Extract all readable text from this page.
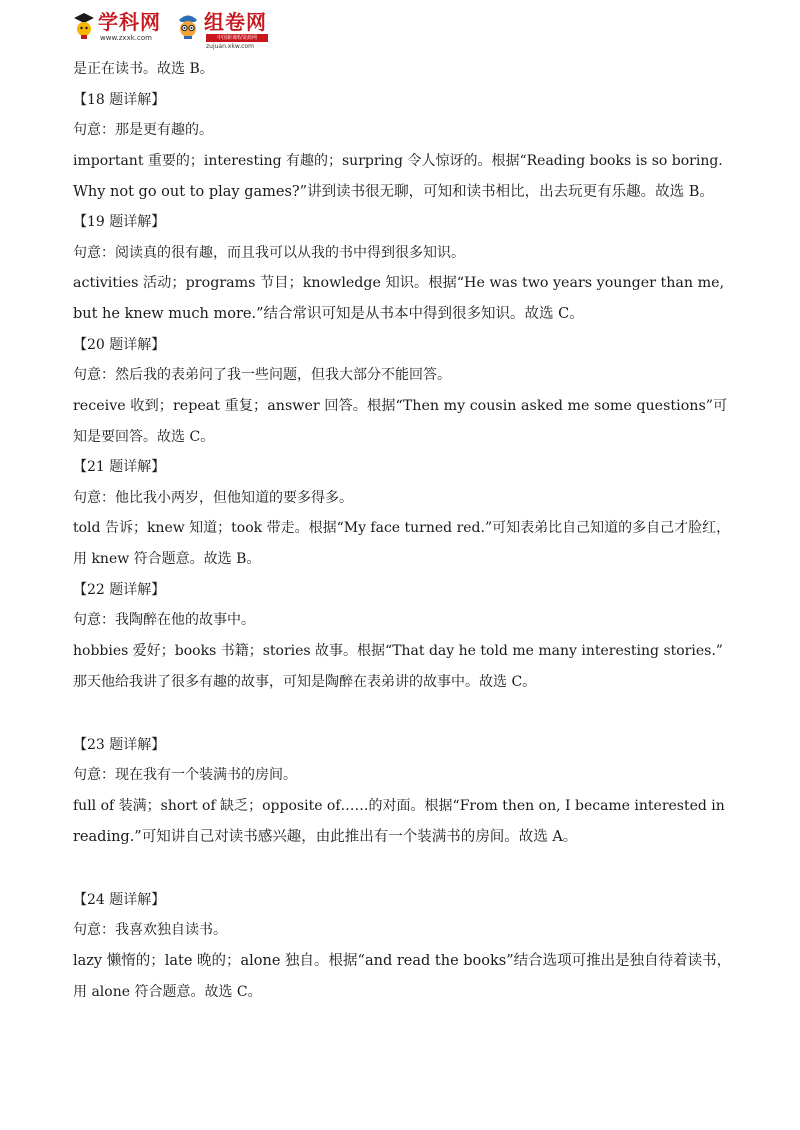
学科网
www.zxxk.com
组卷网
中国新课程资源网
zujuan.xkw.com
是正在读书。故选 B。
【18 题详解】
句意：那是更有趣的。
important 重要的；interesting 有趣的；surpring 令人惊讶的。根据“Reading books is so boring.
Why not go out to play games?”讲到读书很无聊，可知和读书相比，出去玩更有乐趣。故选 B。
【19 题详解】
句意：阅读真的很有趣，而且我可以从我的书中得到很多知识。
activities 活动；programs 节目；knowledge 知识。根据“He was two years younger than me,
but he knew much more.”结合常识可知是从书本中得到很多知识。故选 C。
【20 题详解】
句意：然后我的表弟问了我一些问题，但我大部分不能回答。
receive 收到；repeat 重复；answer 回答。根据“Then my cousin asked me some questions”可
知是要回答。故选 C。
【21 题详解】
句意：他比我小两岁，但他知道的要多得多。
told 告诉；knew 知道；took 带走。根据“My face turned red.”可知表弟比自己知道的多自己才脸红，
用 knew 符合题意。故选 B。
【22 题详解】
句意：我陶醉在他的故事中。
hobbies 爱好；books 书籍；stories 故事。根据“That day he told me many interesting stories.”
那天他给我讲了很多有趣的故事，可知是陶醉在表弟讲的故事中。故选 C。
【23 题详解】
句意：现在我有一个装满书的房间。
full of 装满；short of 缺乏；opposite of……的对面。根据“From then on, I became interested in
reading.”可知讲自己对读书感兴趣，由此推出有一个装满书的房间。故选 A。
【24 题详解】
句意：我喜欢独自读书。
lazy 懒惰的；late 晚的；alone 独自。根据“and read the books”结合选项可推出是独自待着读书，
用 alone 符合题意。故选 C。
